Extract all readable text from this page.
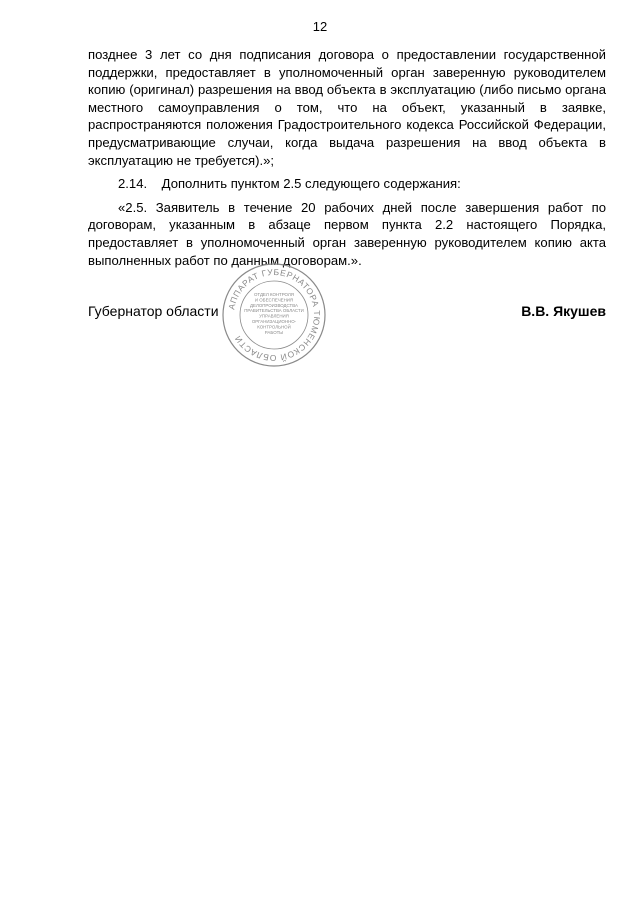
12

позднее 3 лет со дня подписания договора о предоставлении государственной поддержки, предоставляет в уполномоченный орган заверенную руководителем копию (оригинал) разрешения на ввод объекта в эксплуатацию (либо письмо органа местного самоуправления о том, что на объект, указанный в заявке, распространяются положения Градостроительного кодекса Российской Федерации, предусматривающие случаи, когда выдача разрешения на ввод объекта в эксплуатацию не требуется).»;

2.14.    Дополнить пунктом 2.5 следующего содержания:

«2.5. Заявитель в течение 20 рабочих дней после завершения работ по договорам, указанным в абзаце первом пункта 2.2 настоящего Порядка, предоставляет в уполномоченный орган заверенную руководителем копию акта выполненных работ по данным договорам.».

Губернатор области	В.В. Якушев
АППАРАТ ГУБЕРНАТОРА ТЮМЕНСКОЙ ОБЛАСТИ
ОТДЕЛ КОНТРОЛЯ
И ОБЕСПЕЧЕНИЯ
ДЕЛОПРОИЗВОДСТВА
ПРАВИТЕЛЬСТВА ОБЛАСТИ
УПРАВЛЕНИЯ
ОРГАНИЗАЦИОННО-
КОНТРОЛЬНОЙ
РАБОТЫ
